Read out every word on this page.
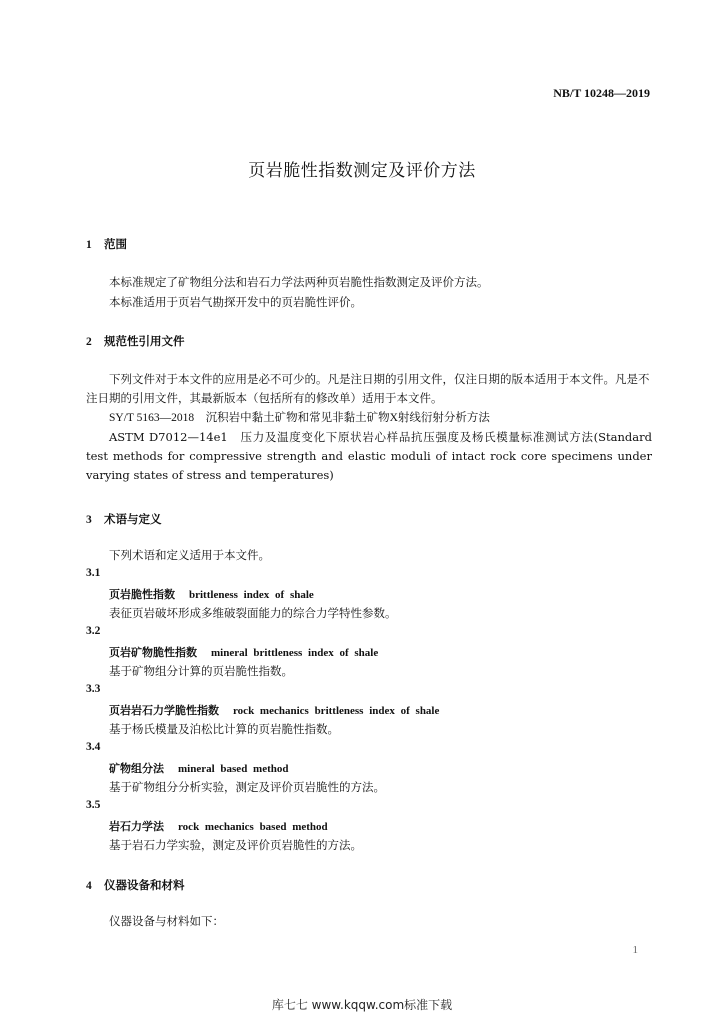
NB/T 10248—2019
页岩脆性指数测定及评价方法
1 范围
本标准规定了矿物组分法和岩石力学法两种页岩脆性指数测定及评价方法。
本标准适用于页岩气勘探开发中的页岩脆性评价。
2 规范性引用文件
下列文件对于本文件的应用是必不可少的。凡是注日期的引用文件，仅注日期的版本适用于本文件。凡是不注日期的引用文件，其最新版本（包括所有的修改单）适用于本文件。
SY/T 5163—2018　沉积岩中黏土矿物和常见非黏土矿物X射线衍射分析方法
ASTM D7012—14e1　压力及温度变化下原状岩心样品抗压强度及杨氏模量标准测试方法(Standard test methods for compressive strength and elastic moduli of intact rock core specimens under varying states of stress and temperatures)
3 术语与定义
下列术语和定义适用于本文件。
3.1
页岩脆性指数 brittleness index of shale
表征页岩破坏形成多维破裂面能力的综合力学特性参数。
3.2
页岩矿物脆性指数 mineral brittleness index of shale
基于矿物组分计算的页岩脆性指数。
3.3
页岩岩石力学脆性指数 rock mechanics brittleness index of shale
基于杨氏模量及泊松比计算的页岩脆性指数。
3.4
矿物组分法 mineral based method
基于矿物组分分析实验，测定及评价页岩脆性的方法。
3.5
岩石力学法 rock mechanics based method
基于岩石力学实验，测定及评价页岩脆性的方法。
4 仪器设备和材料
仪器设备与材料如下：
1
库七七 www.kqqw.com标准下载
